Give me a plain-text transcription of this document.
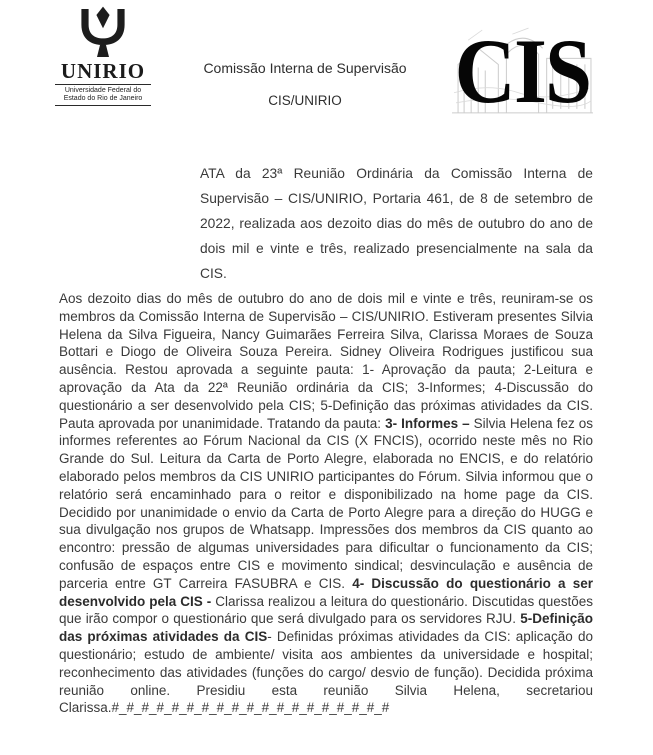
UNIRIO
Universidade Federal do
Estado do Rio de Janeiro
Comissão Interna de Supervisão
CIS/UNIRIO	CIS

ATA da 23ª Reunião Ordinária da Comissão Interna de Supervisão – CIS/UNIRIO, Portaria 461, de 8 de setembro de 2022, realizada aos dezoito dias do mês de outubro do ano de dois mil e vinte e três, realizado presencialmente na sala da CIS.

Aos dezoito dias do mês de outubro do ano de dois mil e vinte e três, reuniram-se os membros da Comissão Interna de Supervisão – CIS/UNIRIO. Estiveram presentes Silvia Helena da Silva Figueira, Nancy Guimarães Ferreira Silva, Clarissa Moraes de Souza Bottari e Diogo de Oliveira Souza Pereira. Sidney Oliveira Rodrigues justificou sua ausência. Restou aprovada a seguinte pauta: 1- Aprovação da pauta; 2-Leitura e aprovação da Ata da 22ª Reunião ordinária da CIS; 3-Informes; 4-Discussão do questionário a ser desenvolvido pela CIS; 5-Definição das próximas atividades da CIS. Pauta aprovada por unanimidade. Tratando da pauta: 3- Informes – Silvia Helena fez os informes referentes ao Fórum Nacional da CIS (X FNCIS), ocorrido neste mês no Rio Grande do Sul. Leitura da Carta de Porto Alegre, elaborada no ENCIS, e do relatório elaborado pelos membros da CIS UNIRIO participantes do Fórum. Silvia informou que o relatório será encaminhado para o reitor e disponibilizado na home page da CIS. Decidido por unanimidade o envio da Carta de Porto Alegre para a direção do HUGG e sua divulgação nos grupos de Whatsapp. Impressões dos membros da CIS quanto ao encontro: pressão de algumas universidades para dificultar o funcionamento da CIS; confusão de espaços entre CIS e movimento sindical; desvinculação e ausência de parceria entre GT Carreira FASUBRA e CIS. 4- Discussão do questionário a ser desenvolvido pela CIS - Clarissa realizou a leitura do questionário. Discutidas questões que irão compor o questionário que será divulgado para os servidores RJU. 5-Definição das próximas atividades da CIS- Definidas próximas atividades da CIS: aplicação do questionário; estudo de ambiente/ visita aos ambientes da universidade e hospital; reconhecimento das atividades (funções do cargo/ desvio de função). Decidida próxima reunião online. Presidiu esta reunião Silvia Helena, secretariou Clarissa.#_#_#_#_#_#_#_#_#_#_#_#_#_#_#_#_#_#_#
